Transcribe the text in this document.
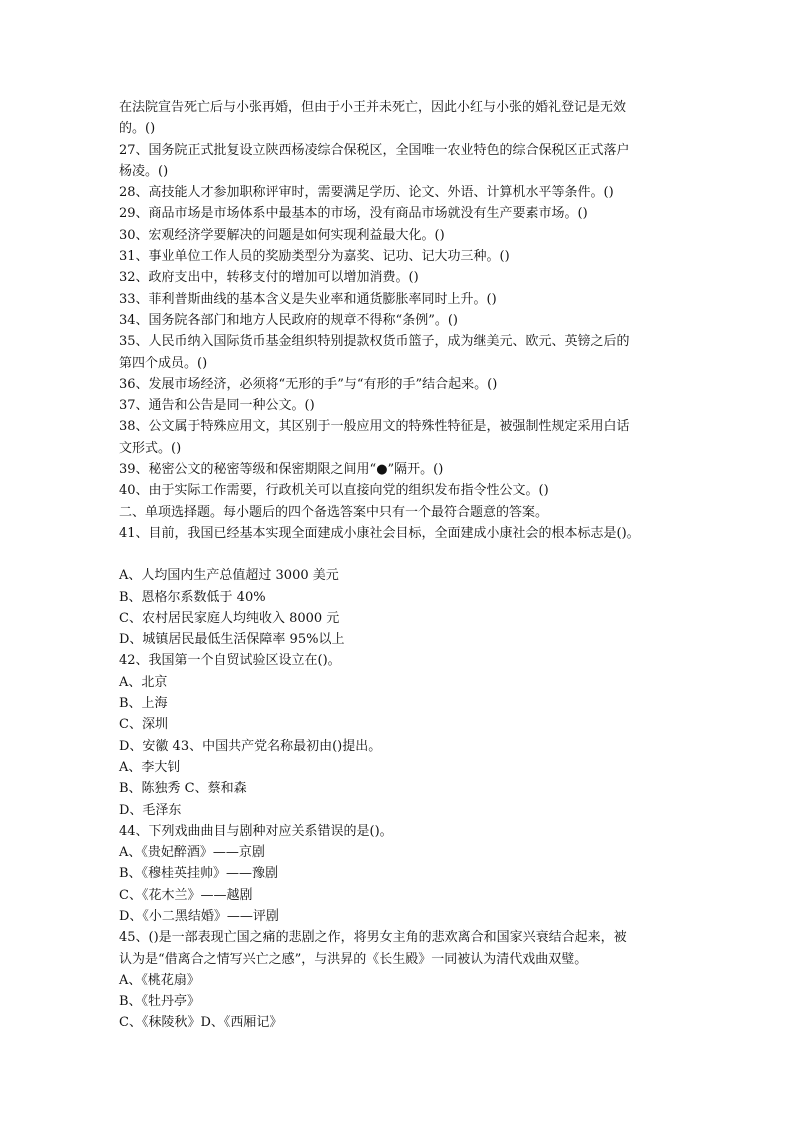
在法院宣告死亡后与小张再婚，但由于小王并未死亡，因此小红与小张的婚礼登记是无效

的。()

27、国务院正式批复设立陕西杨凌综合保税区，全国唯一农业特色的综合保税区正式落户

杨凌。()

28、高技能人才参加职称评审时，需要满足学历、论文、外语、计算机水平等条件。()

29、商品市场是市场体系中最基本的市场，没有商品市场就没有生产要素市场。()

30、宏观经济学要解决的问题是如何实现利益最大化。()

31、事业单位工作人员的奖励类型分为嘉奖、记功、记大功三种。()

32、政府支出中，转移支付的增加可以增加消费。()

33、菲利普斯曲线的基本含义是失业率和通货膨胀率同时上升。()

34、国务院各部门和地方人民政府的规章不得称“条例”。()

35、人民币纳入国际货币基金组织特别提款权货币篮子，成为继美元、欧元、英镑之后的

第四个成员。()

36、发展市场经济，必须将“无形的手”与“有形的手”结合起来。()

37、通告和公告是同一种公文。()

38、公文属于特殊应用文，其区别于一般应用文的特殊性特征是，被强制性规定采用白话

文形式。()

39、秘密公文的秘密等级和保密期限之间用“●”隔开。()

40、由于实际工作需要，行政机关可以直接向党的组织发布指令性公文。()

二、单项选择题。每小题后的四个备选答案中只有一个最符合题意的答案。

41、目前，我国已经基本实现全面建成小康社会目标，全面建成小康社会的根本标志是()。

A、人均国内生产总值超过 3000 美元

B、恩格尔系数低于 40%

C、农村居民家庭人均纯收入 8000 元

D、城镇居民最低生活保障率 95%以上

42、我国第一个自贸试验区设立在()。

A、北京

B、上海

C、深圳

D、安徽 43、中国共产党名称最初由()提出。

A、李大钊

B、陈独秀 C、蔡和森

D、毛泽东

44、下列戏曲曲目与剧种对应关系错误的是()。

A、《贵妃醉酒》——京剧

B、《穆桂英挂帅》——豫剧

C、《花木兰》——越剧

D、《小二黑结婚》——评剧

45、()是一部表现亡国之痛的悲剧之作，将男女主角的悲欢离合和国家兴衰结合起来，被

认为是“借离合之情写兴亡之感”，与洪昇的《长生殿》一同被认为清代戏曲双璧。

A、《桃花扇》

B、《牡丹亭》

C、《秣陵秋》D、《西厢记》
